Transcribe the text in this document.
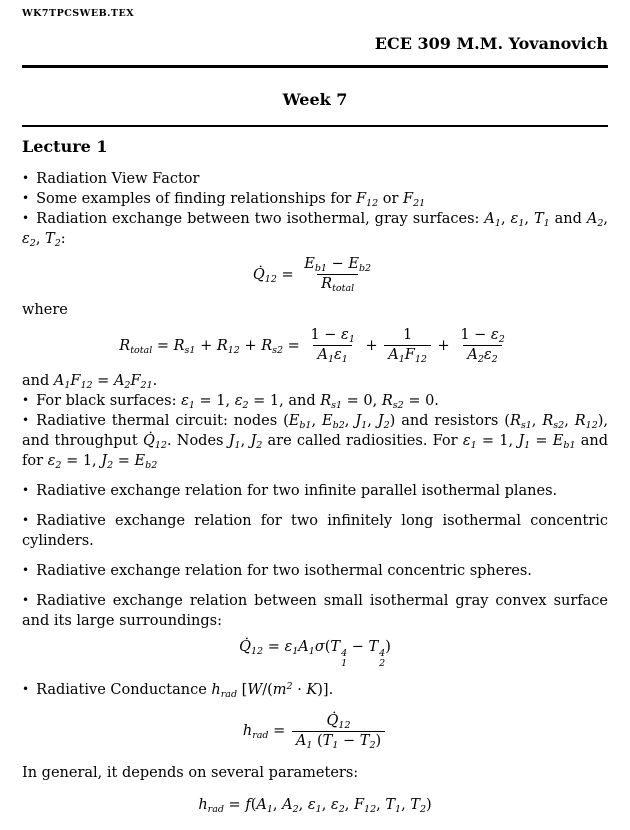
WK7TPCSWEB.TEX
ECE 309 M.M. Yovanovich
Week 7
Lecture 1

• Radiation View Factor

• Some examples of finding relationships for $F_{12}$ or $F_{21}$

• Radiation exchange between two isothermal, gray surfaces: $A_1$, $\varepsilon_1$, $T_1$ and $A_2$, $\varepsilon_2$, $T_2$:

$Q̇_{12} = \frac{E_{b1} - E_{b2}}{R_{total}}$

where

$R_{total} = R_{s1} + R_{12} + R_{s2} = \frac{1 - \varepsilon_1}{A_1\varepsilon_1} + \frac{1}{A_1F_{12}} + \frac{1 - \varepsilon_2}{A_2\varepsilon_2}$

and $A_1F_{12} = A_2F_{21}$.

• For black surfaces: $\varepsilon_1 = 1$, $\varepsilon_2 = 1$, and $R_{s1} = 0$, $R_{s2} = 0$.

• Radiative thermal circuit: nodes ($E_{b1}$, $E_{b2}$, $J_1$, $J_2$) and resistors ($R_{s1}$, $R_{s2}$, $R_{12}$), and throughput $Q̇_{12}$. Nodes $J_1$, $J_2$ are called radiosities. For $\varepsilon_1 = 1$, $J_1 = E_{b1}$ and for $\varepsilon_2 = 1$, $J_2 = E_{b2}$

• Radiative exchange relation for two infinite parallel isothermal planes.

• Radiative exchange relation for two infinitely long isothermal concentric cylinders.

• Radiative exchange relation for two isothermal concentric spheres.

• Radiative exchange relation between small isothermal gray convex surface and its large surroundings:

$Q̇_{12} = \varepsilon_1A_1\sigma(T$ 4
1
− T 4
2
)

• Radiative Conductance $h_{rad}$ $[W/(m^2 \cdot K)]$.

$h_{rad} = \frac{Q̇_{12}}{A_1 (T_1 - T_2)}$

In general, it depends on several parameters:

$h_{rad} = f(A_1$, $A_2$, $\varepsilon_1$, $\varepsilon_2$, $F_{12}$, $T_1$, $T_2$)
